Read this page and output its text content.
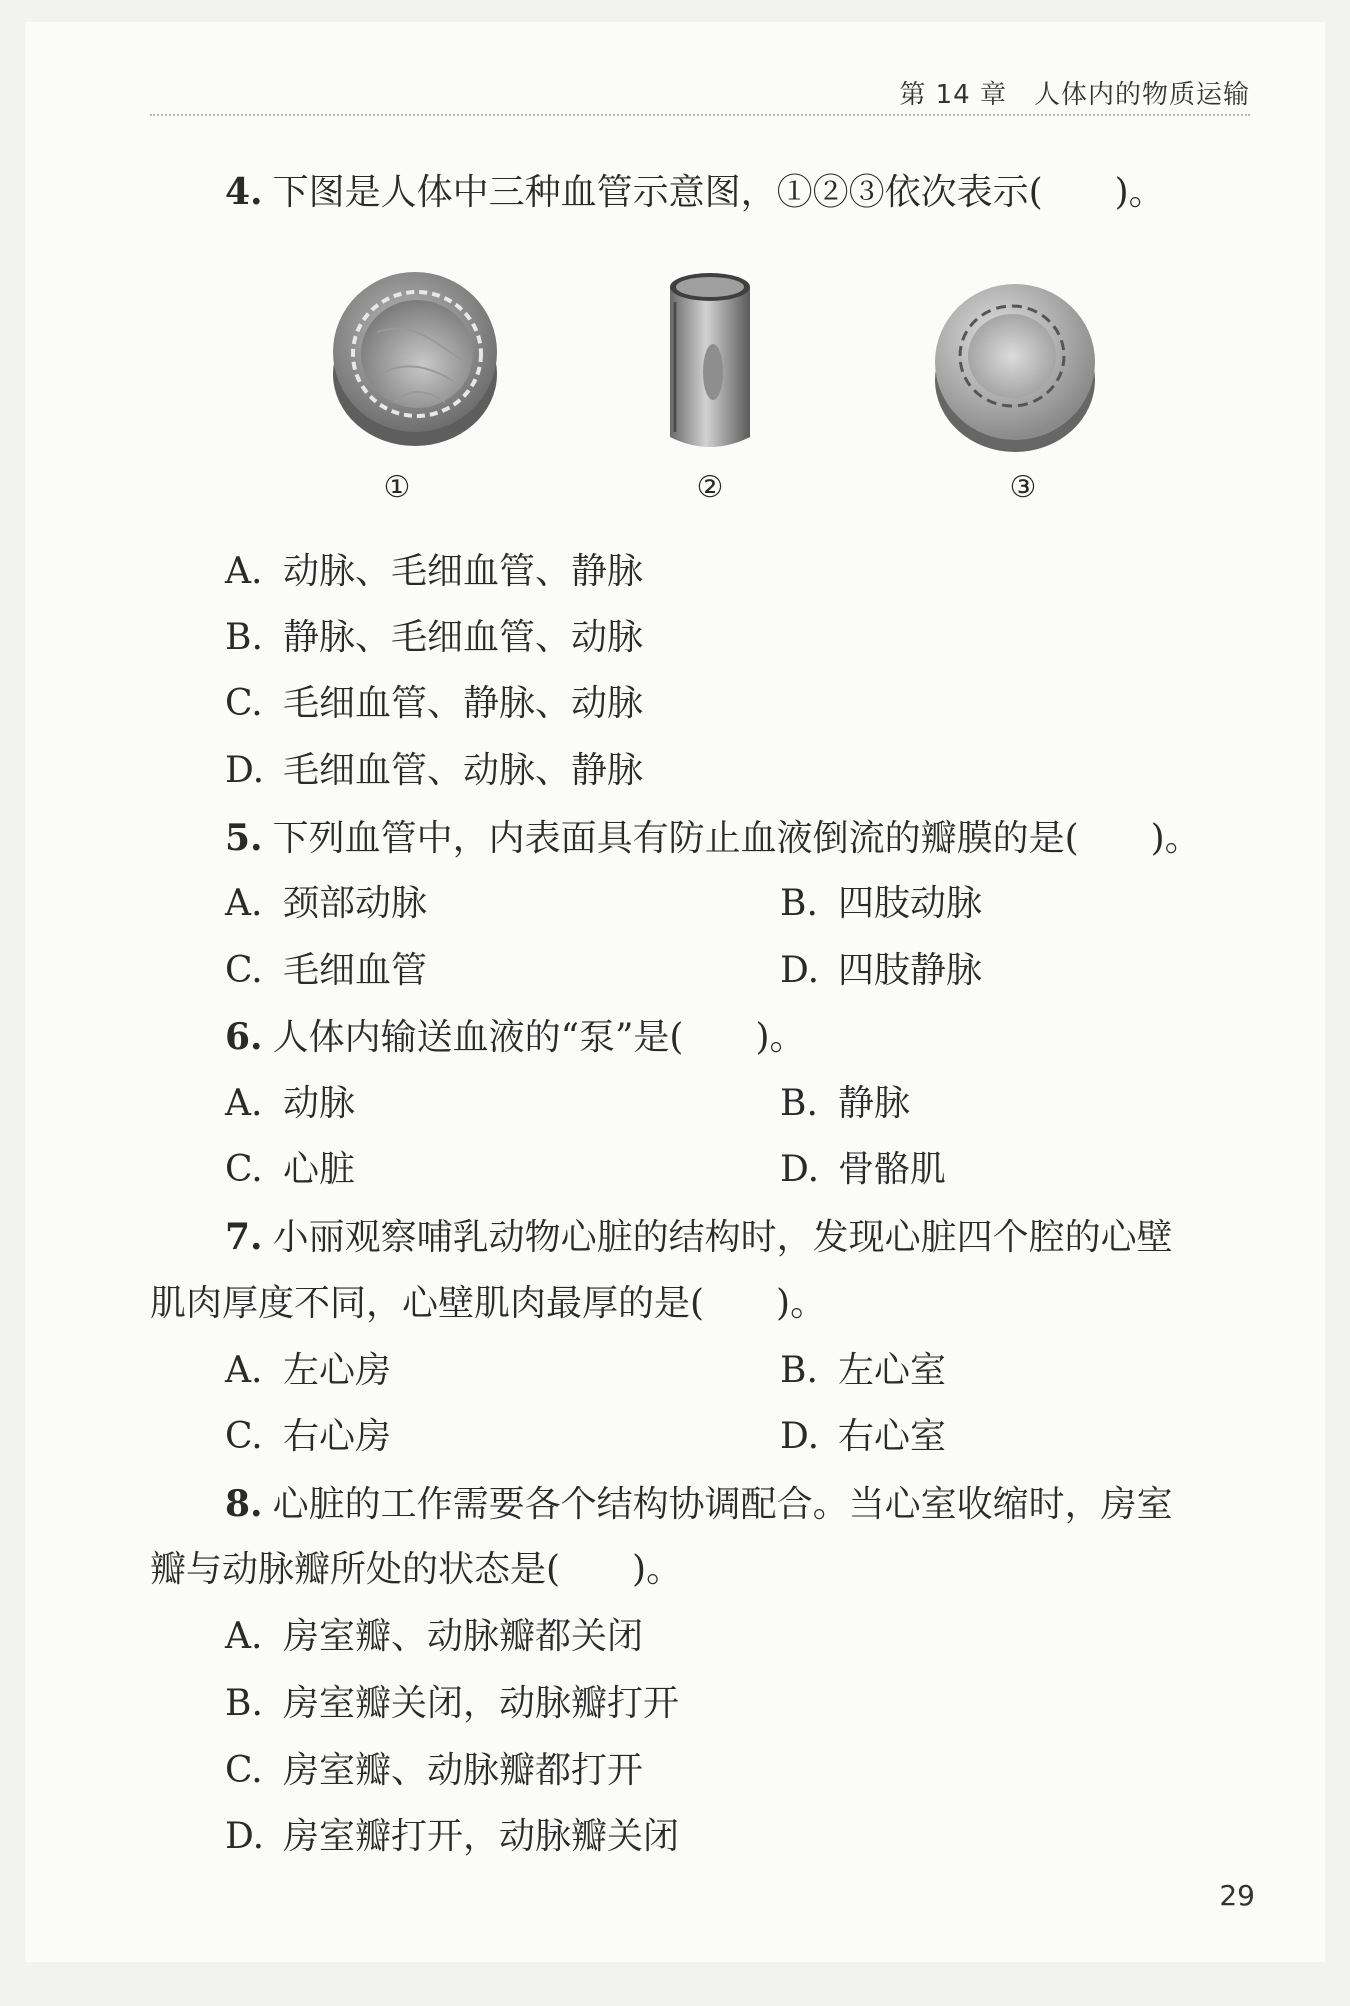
第 14 章　人体内的物质运输
4. 下图是人体中三种血管示意图，①②③依次表示(　　)。
①	②	③
A. 动脉、毛细血管、静脉
B. 静脉、毛细血管、动脉
C. 毛细血管、静脉、动脉
D. 毛细血管、动脉、静脉
5. 下列血管中，内表面具有防止血液倒流的瓣膜的是(　　)。
A. 颈部动脉	B. 四肢动脉
C. 毛细血管	D. 四肢静脉
6. 人体内输送血液的“泵”是(　　)。
A. 动脉	B. 静脉
C. 心脏	D. 骨骼肌
7. 小丽观察哺乳动物心脏的结构时，发现心脏四个腔的心壁
肌肉厚度不同，心壁肌肉最厚的是(　　)。
A. 左心房	B. 左心室
C. 右心房	D. 右心室
8. 心脏的工作需要各个结构协调配合。当心室收缩时，房室
瓣与动脉瓣所处的状态是(　　)。
A. 房室瓣、动脉瓣都关闭
B. 房室瓣关闭，动脉瓣打开
C. 房室瓣、动脉瓣都打开
D. 房室瓣打开，动脉瓣关闭
29
